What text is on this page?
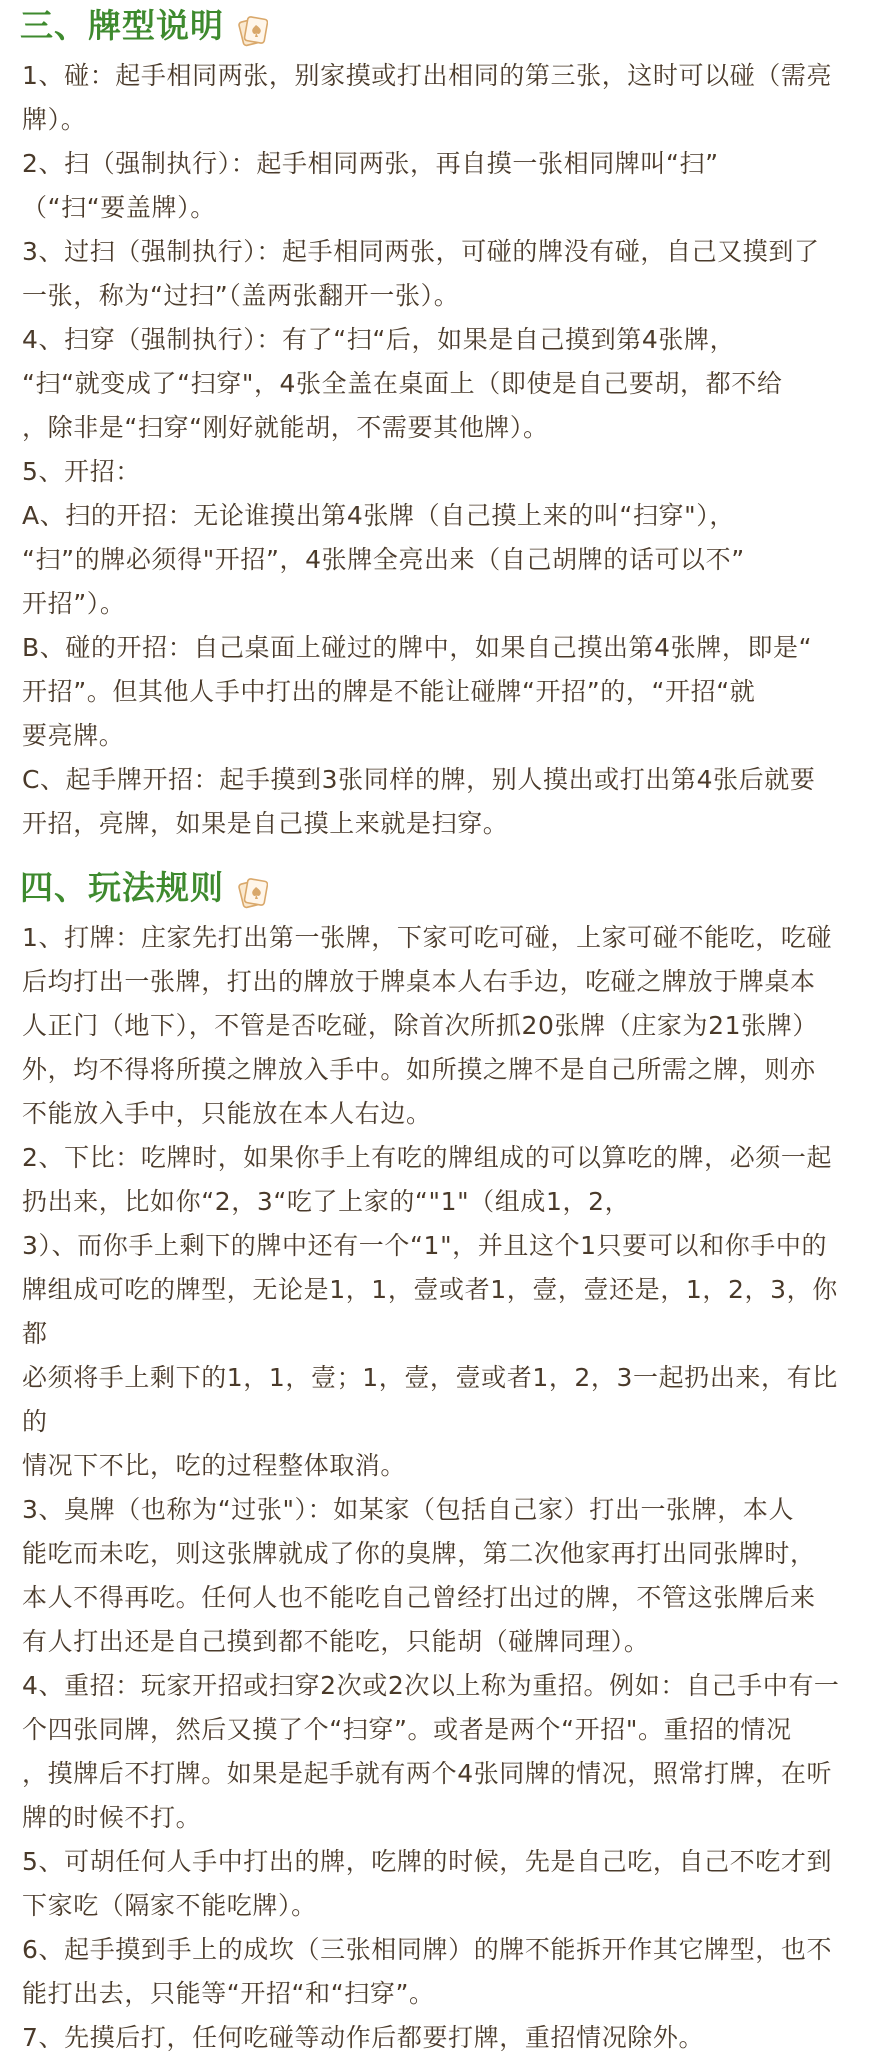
三、牌型说明

1、碰：起手相同两张，别家摸或打出相同的第三张，这时可以碰（需亮

牌）。

2、扫（强制执行）：起手相同两张，再自摸一张相同牌叫“扫”

（“扫“要盖牌）。

3、过扫（强制执行）：起手相同两张，可碰的牌没有碰，自己又摸到了

一张，称为“过扫”（盖两张翻开一张）。

4、扫穿（强制执行）：有了“扫“后，如果是自己摸到第4张牌，

“扫“就变成了“扫穿"，4张全盖在桌面上（即使是自己要胡，都不给

，除非是“扫穿“刚好就能胡，不需要其他牌）。

5、开招：

A、扫的开招：无论谁摸出第4张牌（自己摸上来的叫“扫穿"），

“扫”的牌必须得"开招”，4张牌全亮出来（自己胡牌的话可以不”

开招”）。

B、碰的开招：自己桌面上碰过的牌中，如果自己摸出第4张牌，即是“

开招”。但其他人手中打出的牌是不能让碰牌“开招”的，“开招“就

要亮牌。

C、起手牌开招：起手摸到3张同样的牌，别人摸出或打出第4张后就要

开招，亮牌，如果是自己摸上来就是扫穿。

四、玩法规则

1、打牌：庄家先打出第一张牌，下家可吃可碰，上家可碰不能吃，吃碰

后均打出一张牌，打出的牌放于牌桌本人右手边，吃碰之牌放于牌桌本

人正门（地下），不管是否吃碰，除首次所抓20张牌（庄家为21张牌）

外，均不得将所摸之牌放入手中。如所摸之牌不是自己所需之牌，则亦

不能放入手中，只能放在本人右边。

2、下比：吃牌时，如果你手上有吃的牌组成的可以算吃的牌，必须一起

扔出来，比如你“2，3“吃了上家的“"1"（组成1，2，

3）、而你手上剩下的牌中还有一个“1"，并且这个1只要可以和你手中的

牌组成可吃的牌型，无论是1，1，壹或者1，壹，壹还是，1，2，3，你都

必须将手上剩下的1，1，壹；1，壹，壹或者1，2，3一起扔出来，有比的

情况下不比，吃的过程整体取消。

3、臭牌（也称为“过张"）：如某家（包括自己家）打出一张牌，本人

能吃而未吃，则这张牌就成了你的臭牌，第二次他家再打出同张牌时，

本人不得再吃。任何人也不能吃自己曾经打出过的牌，不管这张牌后来

有人打出还是自己摸到都不能吃，只能胡（碰牌同理）。

4、重招：玩家开招或扫穿2次或2次以上称为重招。例如：自己手中有一

个四张同牌，然后又摸了个“扫穿”。或者是两个“开招"。重招的情况

，摸牌后不打牌。如果是起手就有两个4张同牌的情况，照常打牌，在听

牌的时候不打。

5、可胡任何人手中打出的牌，吃牌的时候，先是自己吃，自己不吃才到

下家吃（隔家不能吃牌）。

6、起手摸到手上的成坎（三张相同牌）的牌不能拆开作其它牌型，也不

能打出去，只能等“开招“和“扫穿”。

7、先摸后打，任何吃碰等动作后都要打牌，重招情况除外。
